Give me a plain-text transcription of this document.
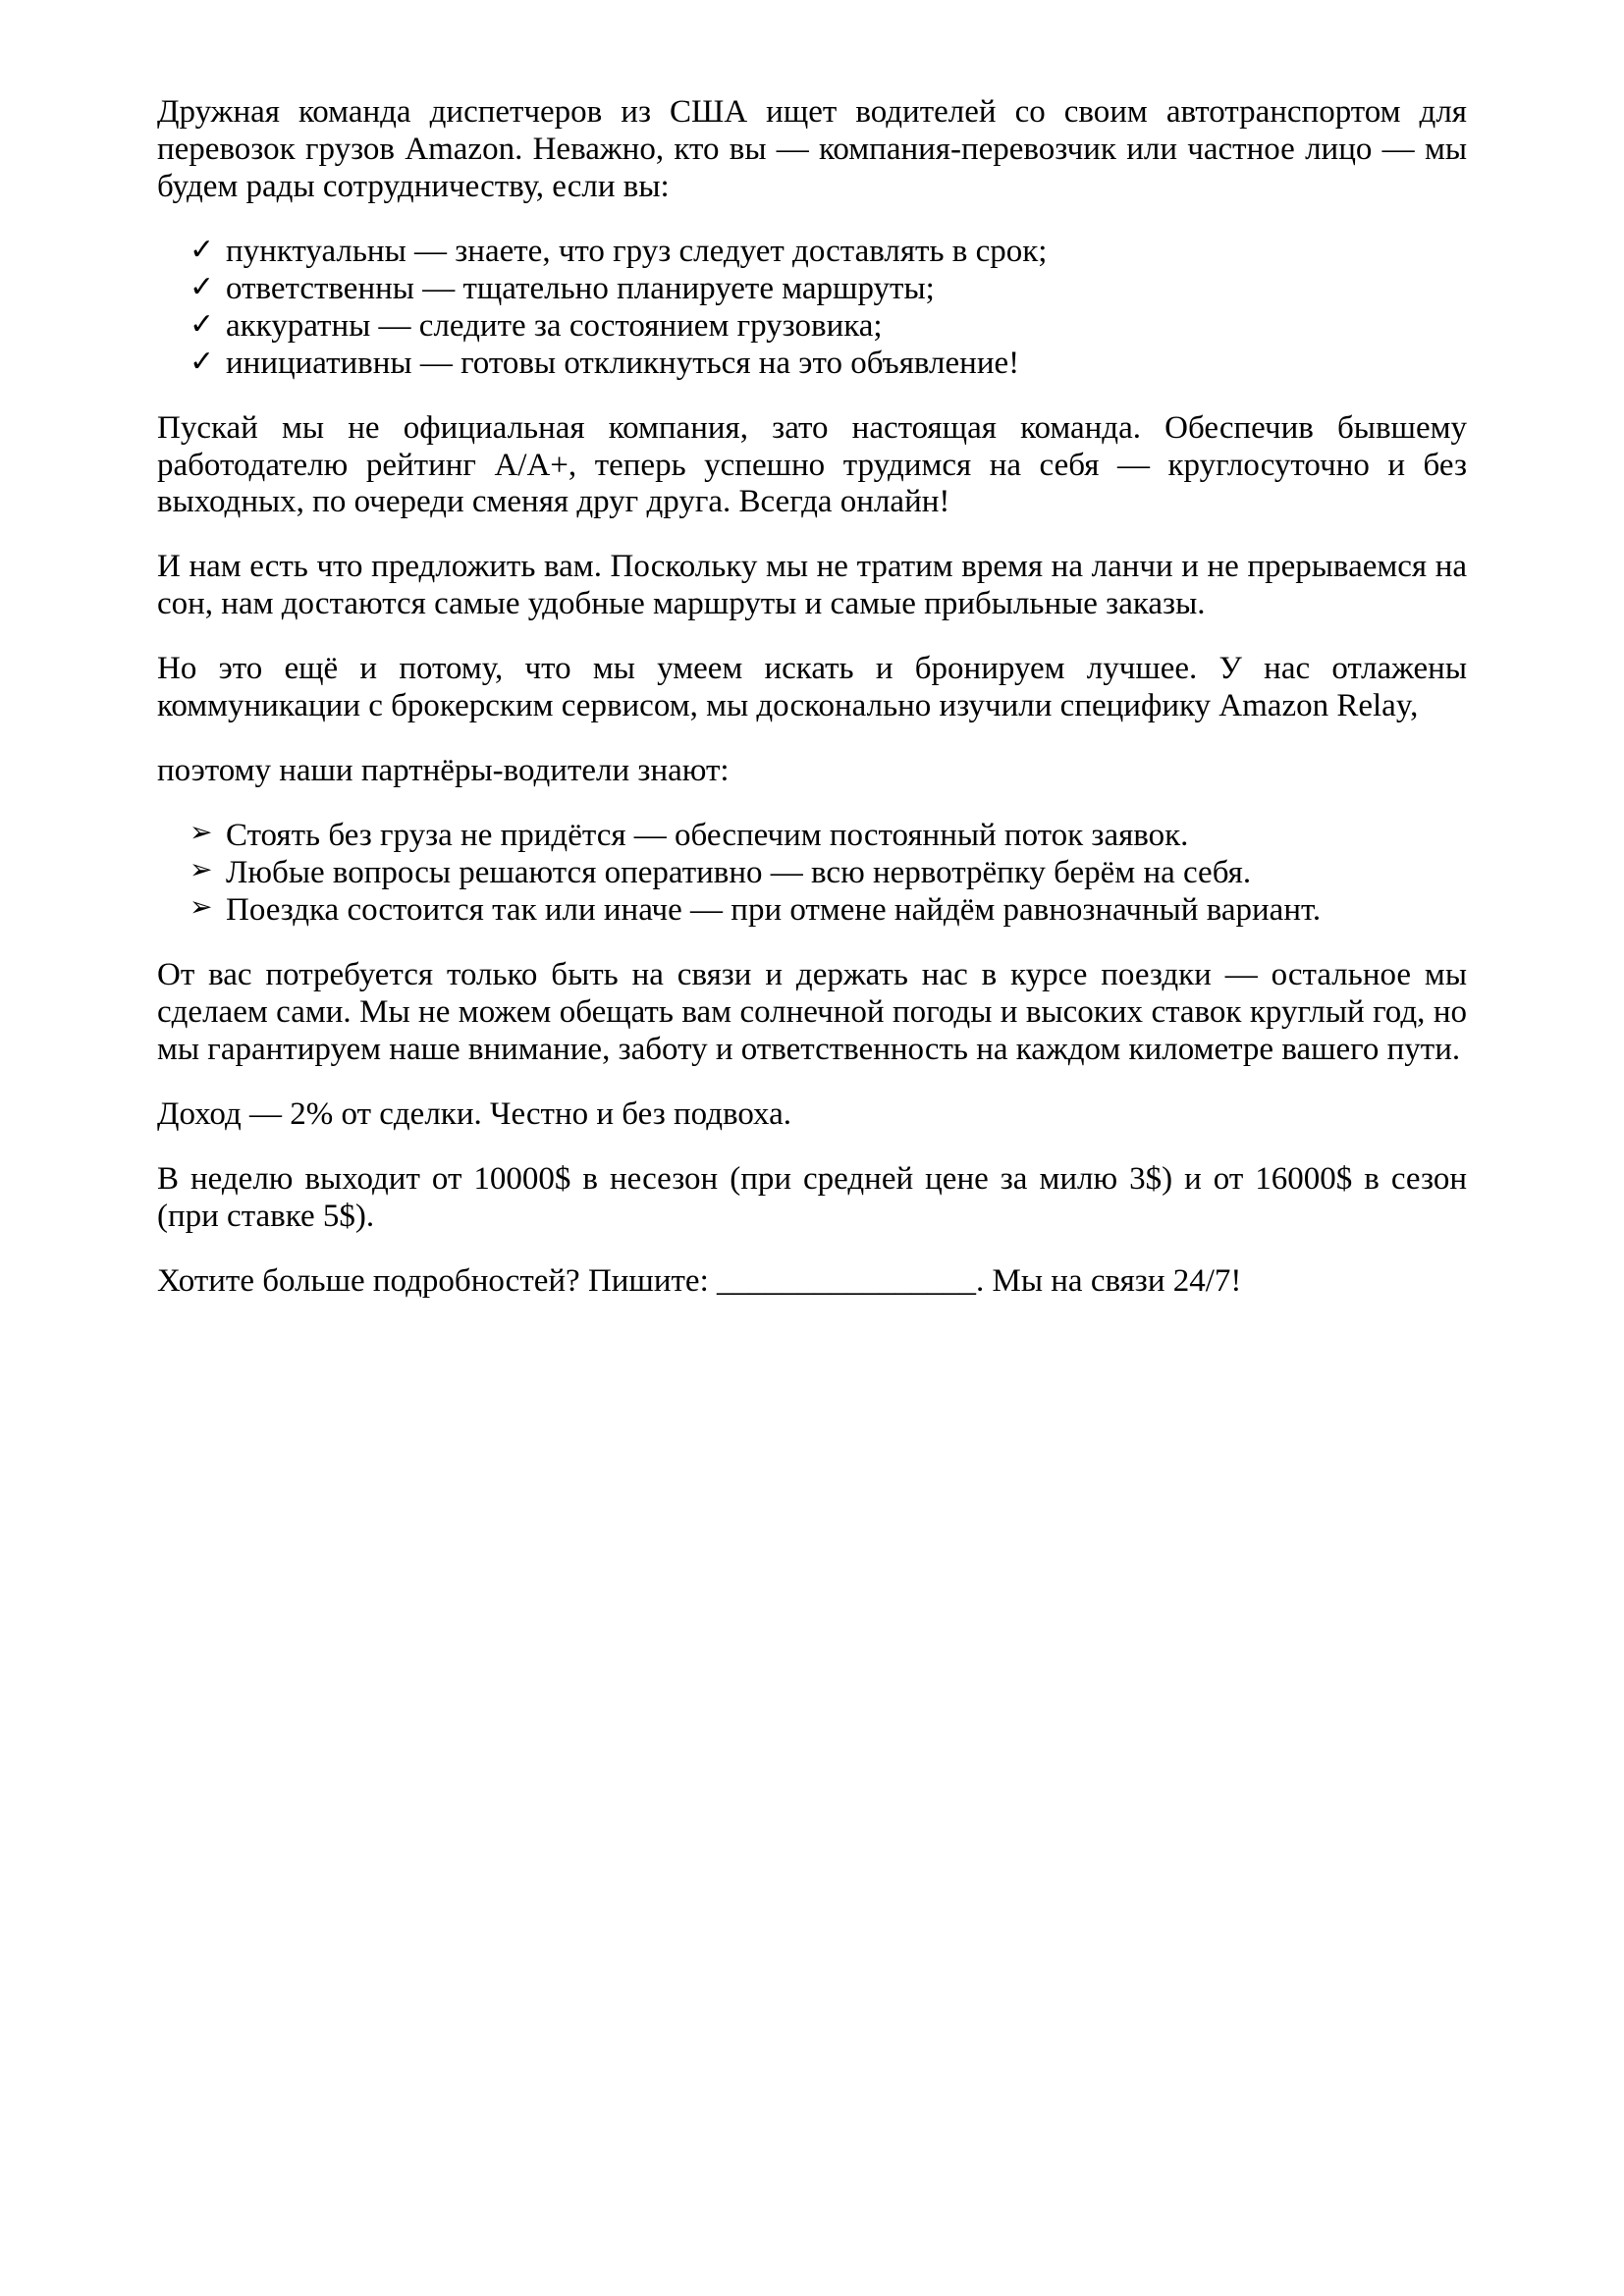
Дружная команда диспетчеров из США ищет водителей со своим автотранспортом для перевозок грузов Amazon. Неважно, кто вы — компания-перевозчик или частное лицо — мы будем рады сотрудничеству, если вы:

✓ пунктуальны — знаете, что груз следует доставлять в срок;
✓ ответственны — тщательно планируете маршруты;
✓ аккуратны — следите за состоянием грузовика;
✓ инициативны — готовы откликнуться на это объявление!

Пускай мы не официальная компания, зато настоящая команда. Обеспечив бывшему работодателю рейтинг А/А+, теперь успешно трудимся на себя — круглосуточно и без выходных, по очереди сменяя друг друга. Всегда онлайн!

И нам есть что предложить вам. Поскольку мы не тратим время на ланчи и не прерываемся на сон, нам достаются самые удобные маршруты и самые прибыльные заказы.

Но это ещё и потому, что мы умеем искать и бронируем лучшее. У нас отлажены коммуникации с брокерским сервисом, мы досконально изучили специфику Amazon Relay,

поэтому наши партнёры-водители знают:

➢ Стоять без груза не придётся — обеспечим постоянный поток заявок.
➢ Любые вопросы решаются оперативно — всю нервотрёпку берём на себя.
➢ Поездка состоится так или иначе — при отмене найдём равнозначный вариант.

От вас потребуется только быть на связи и держать нас в курсе поездки — остальное мы сделаем сами. Мы не можем обещать вам солнечной погоды и высоких ставок круглый год, но мы гарантируем наше внимание, заботу и ответственность на каждом километре вашего пути.

Доход — 2% от сделки. Честно и без подвоха.

В неделю выходит от 10000$ в несезон (при средней цене за милю 3$) и от 16000$ в сезон (при ставке 5$).

Хотите больше подробностей? Пишите: ________________. Мы на связи 24/7!
